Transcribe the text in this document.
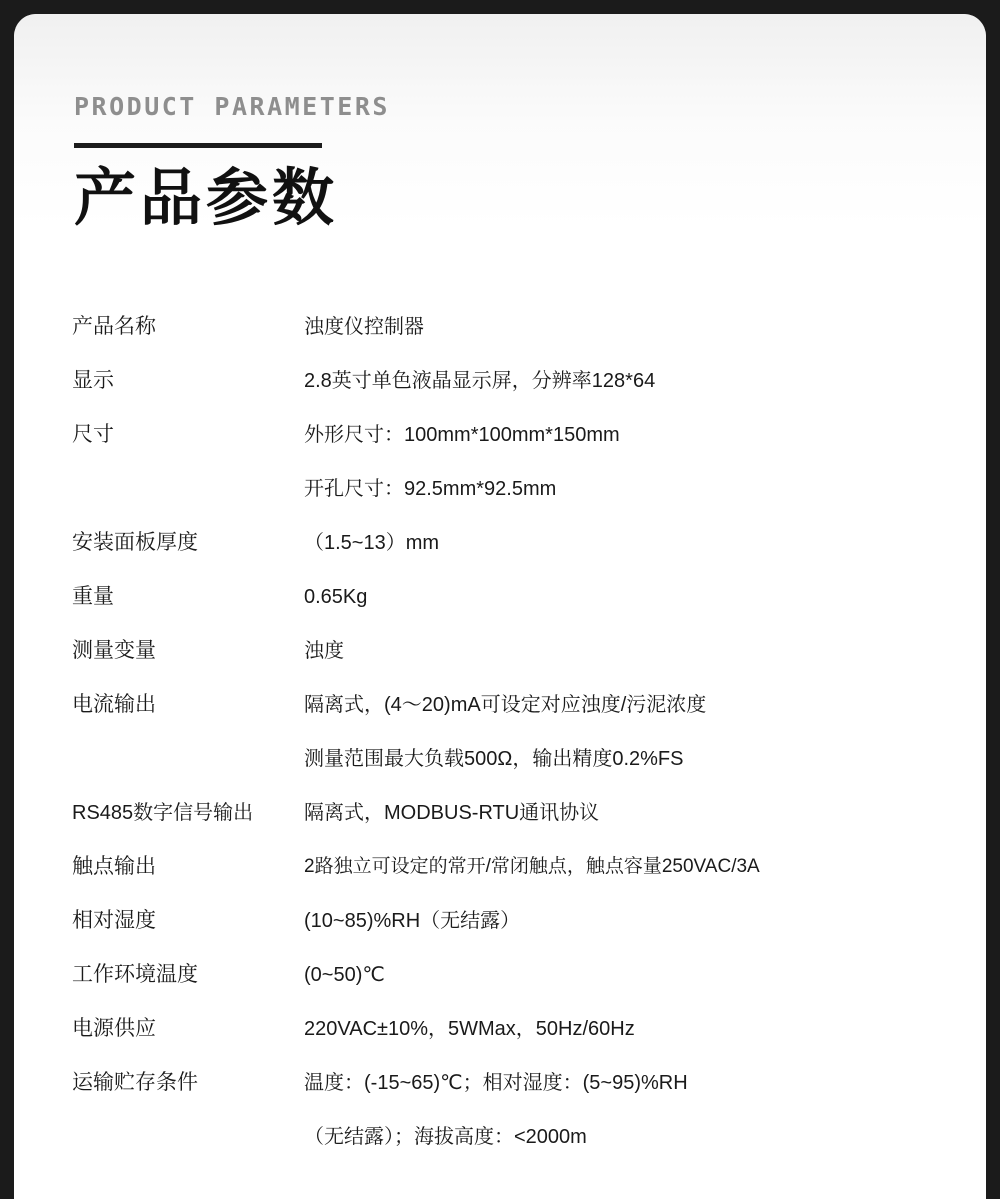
PRODUCT PARAMETERS
产品参数
产品名称	浊度仪控制器
显示	2.8英寸单色液晶显示屏，分辨率128*64
尺寸	外形尺寸：100mm*100mm*150mm
开孔尺寸：92.5mm*92.5mm
安装面板厚度	（1.5~13）mm
重量	0.65Kg
测量变量	浊度
电流输出	隔离式，(4～20)mA可设定对应浊度/污泥浓度
测量范围最大负载500Ω，输出精度0.2%FS
RS485数字信号输出	隔离式，MODBUS-RTU通讯协议
触点输出	2路独立可设定的常开/常闭触点，触点容量250VAC/3A
相对湿度	(10~85)%RH（无结露）
工作环境温度	(0~50)℃
电源供应	220VAC±10%，5WMax，50Hz/60Hz
运输贮存条件	温度：(-15~65)℃；相对湿度：(5~95)%RH
（无结露）；海拔高度：<2000m
